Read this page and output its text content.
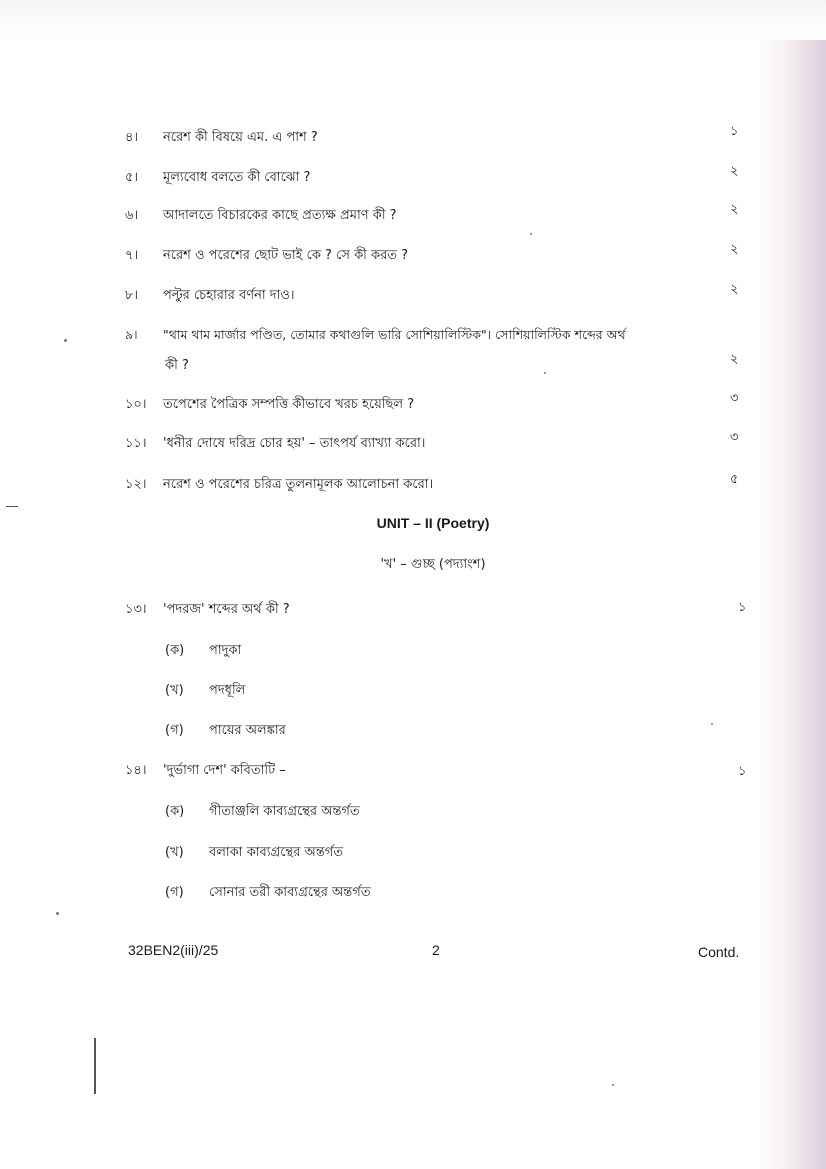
৪। নরেশ কী বিষয়ে এম. এ পাশ ?	১
৫। মূল্যবোধ বলতে কী বোঝো ?	২
৬। আদালতে বিচারকের কাছে প্রত্যক্ষ প্রমাণ কী ?	২
৭। নরেশ ও পরেশের ছোট ভাই কে ? সে কী করত ?	২
৮। পল্টুর চেহারার বর্ণনা দাও।	২
৯। "থাম থাম মার্জার পণ্ডিত, তোমার কথাগুলি ভারি সোশিয়ালিস্টিক"। সোশিয়ালিস্টিক শব্দের অর্থ
কী ?	২
১০। তপেশের পৈত্রিক সম্পত্তি কীভাবে খরচ হয়েছিল ?	৩
১১। 'ধনীর দোষে দরিদ্র চোর হয়' – তাৎপর্য ব্যাখ্যা করো।	৩
১২। নরেশ ও পরেশের চরিত্র তুলনামূলক আলোচনা করো।	৫
UNIT – II (Poetry)
'খ' – গুচ্ছ (পদ্যাংশ)
১৩। 'পদরজ' শব্দের অর্থ কী ?	১
(ক) পাদুকা
(খ) পদধূলি
(গ) পায়ের অলঙ্কার
১৪। 'দুর্ভাগা দেশ' কবিতাটি –	১
(ক) গীতাঞ্জলি কাব্যগ্রন্থের অন্তর্গত
(খ) বলাকা কাব্যগ্রন্থের অন্তর্গত
(গ) সোনার তরী কাব্যগ্রন্থের অন্তর্গত
32BEN2(iii)/25	2	Contd.
